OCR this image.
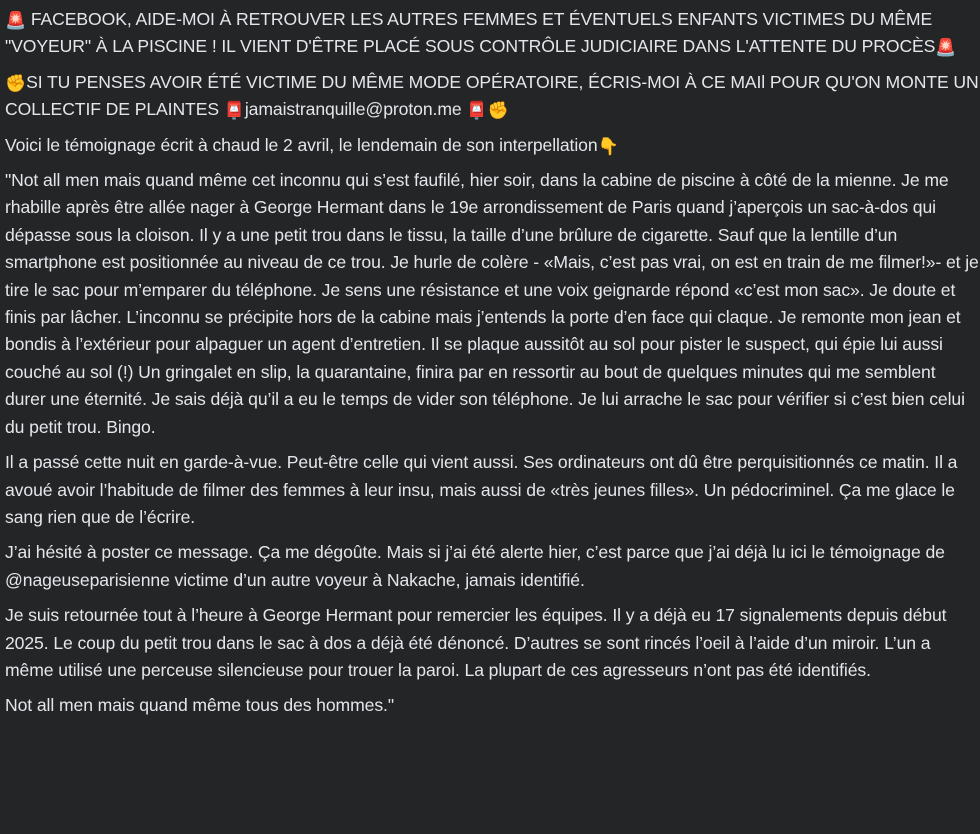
🚨 FACEBOOK, AIDE-MOI À RETROUVER LES AUTRES FEMMES ET ÉVENTUELS ENFANTS VICTIMES DU MÊME "VOYEUR" À LA PISCINE ! IL VIENT D'ÊTRE PLACÉ SOUS CONTRÔLE JUDICIAIRE DANS L'ATTENTE DU PROCÈS🚨
✊SI TU PENSES AVOIR ÉTÉ VICTIME DU MÊME MODE OPÉRATOIRE, ÉCRIS-MOI À CE MAIl POUR QU'ON MONTE UN COLLECTIF DE PLAINTES 📮jamaistranquille@proton.me 📮✊
Voici le témoignage écrit à chaud le 2 avril, le lendemain de son interpellation👇
"Not all men mais quand même cet inconnu qui s’est faufilé, hier soir, dans la cabine de piscine à côté de la mienne. Je me rhabille après être allée nager à George Hermant dans le 19e arrondissement de Paris quand j’aperçois un sac-à-dos qui dépasse sous la cloison. Il y a une petit trou dans le tissu, la taille d’une brûlure de cigarette. Sauf que la lentille d’un smartphone est positionnée au niveau de ce trou. Je hurle de colère - «Mais, c’est pas vrai, on est en train de me filmer!»- et je tire le sac pour m’emparer du téléphone. Je sens une résistance et une voix geignarde répond «c’est mon sac». Je doute et finis par lâcher. L’inconnu se précipite hors de la cabine mais j’entends la porte d’en face qui claque. Je remonte mon jean et bondis à l’extérieur pour alpaguer un agent d’entretien. Il se plaque aussitôt au sol pour pister le suspect, qui épie lui aussi couché au sol (!) Un gringalet en slip, la quarantaine, finira par en ressortir au bout de quelques minutes qui me semblent durer une éternité. Je sais déjà qu’il a eu le temps de vider son téléphone. Je lui arrache le sac pour vérifier si c’est bien celui du petit trou. Bingo.
Il a passé cette nuit en garde-à-vue. Peut-être celle qui vient aussi. Ses ordinateurs ont dû être perquisitionnés ce matin. Il a avoué avoir l’habitude de filmer des femmes à leur insu, mais aussi de «très jeunes filles». Un pédocriminel. Ça me glace le sang rien que de l’écrire.
J’ai hésité à poster ce message. Ça me dégoûte. Mais si j’ai été alerte hier, c’est parce que j’ai déjà lu ici le témoignage de @nageuseparisienne victime d’un autre voyeur à Nakache, jamais identifié.
Je suis retournée tout à l’heure à George Hermant pour remercier les équipes. Il y a déjà eu 17 signalements depuis début 2025. Le coup du petit trou dans le sac à dos a déjà été dénoncé. D’autres se sont rincés l’oeil à l’aide d’un miroir. L’un a même utilisé une perceuse silencieuse pour trouer la paroi. La plupart de ces agresseurs n’ont pas été identifiés.
Not all men mais quand même tous des hommes."
